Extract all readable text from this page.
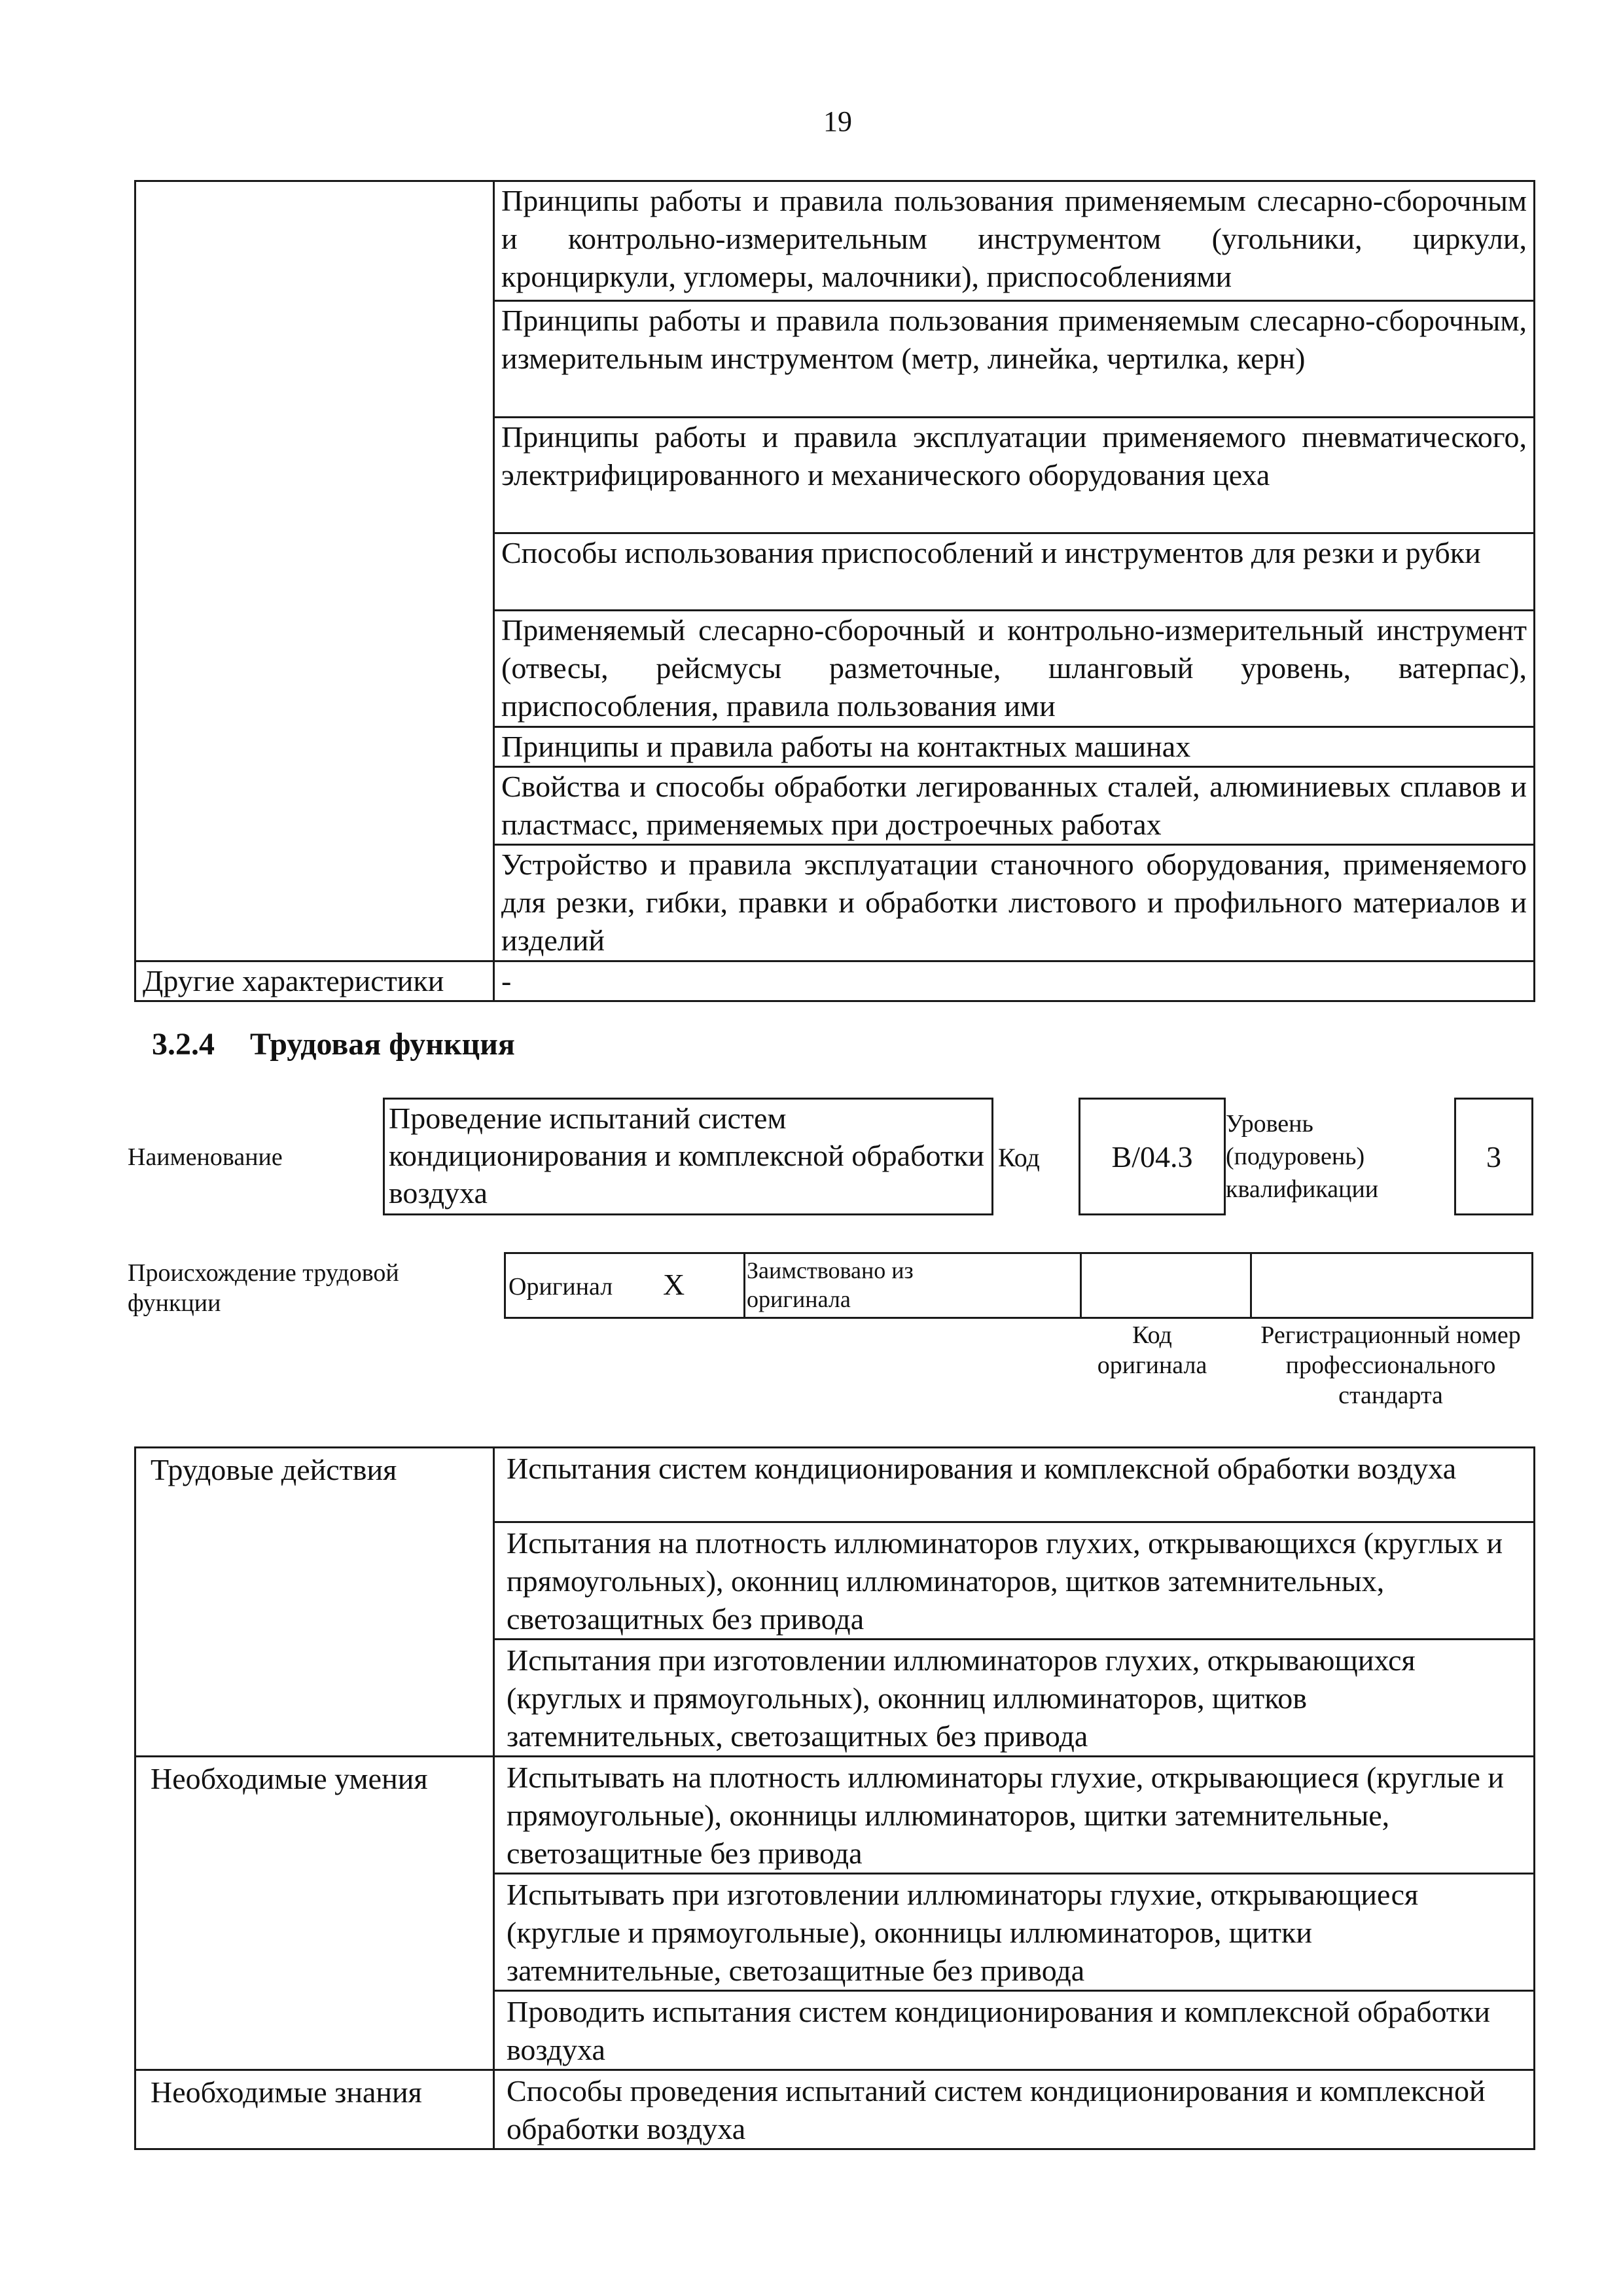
19
	Принципы работы и правила пользования применяемым слесарно-сборочным и контрольно-измерительным инструментом (угольники, циркули, кронциркули, угломеры, малочники), приспособлениями
	Принципы работы и правила пользования применяемым слесарно-сборочным, измерительным инструментом (метр, линейка, чертилка, керн)
	Принципы работы и правила эксплуатации применяемого пневматического, электрифицированного и механического оборудования цеха
	Способы использования приспособлений и инструментов для резки и рубки
	Применяемый слесарно-сборочный и контрольно-измерительный инструмент (отвесы, рейсмусы разметочные, шланговый уровень, ватерпас), приспособления, правила пользования ими
	Принципы и правила работы на контактных машинах
	Свойства и способы обработки легированных сталей, алюминиевых сплавов и пластмасс, применяемых при достроечных работах
	Устройство и правила эксплуатации станочного оборудования, применяемого для резки, гибки, правки и обработки листового и профильного материалов и изделий
Другие характеристики	-
3.2.4 Трудовая функция
Наименование
Проведение испытаний систем кондиционирования и комплексной обработки воздуха
Код B/04.3
Уровень (подуровень) квалификации
3
Происхождение трудовой функции
Оригинал X	Заимствовано из оригинала
Код оригинала
Регистрационный номер профессионального стандарта
Трудовые действия	Испытания систем кондиционирования и комплексной обработки воздуха
	Испытания на плотность иллюминаторов глухих, открывающихся (круглых и прямоугольных), оконниц иллюминаторов, щитков затемнительных, светозащитных без привода
	Испытания при изготовлении иллюминаторов глухих, открывающихся (круглых и прямоугольных), оконниц иллюминаторов, щитков затемнительных, светозащитных без привода
Необходимые умения	Испытывать на плотность иллюминаторы глухие, открывающиеся (круглые и прямоугольные), оконницы иллюминаторов, щитки затемнительные, светозащитные без привода
	Испытывать при изготовлении иллюминаторы глухие, открывающиеся (круглые и прямоугольные), оконницы иллюминаторов, щитки затемнительные, светозащитные без привода
	Проводить испытания систем кондиционирования и комплексной обработки воздуха
Необходимые знания	Способы проведения испытаний систем кондиционирования и комплексной обработки воздуха
